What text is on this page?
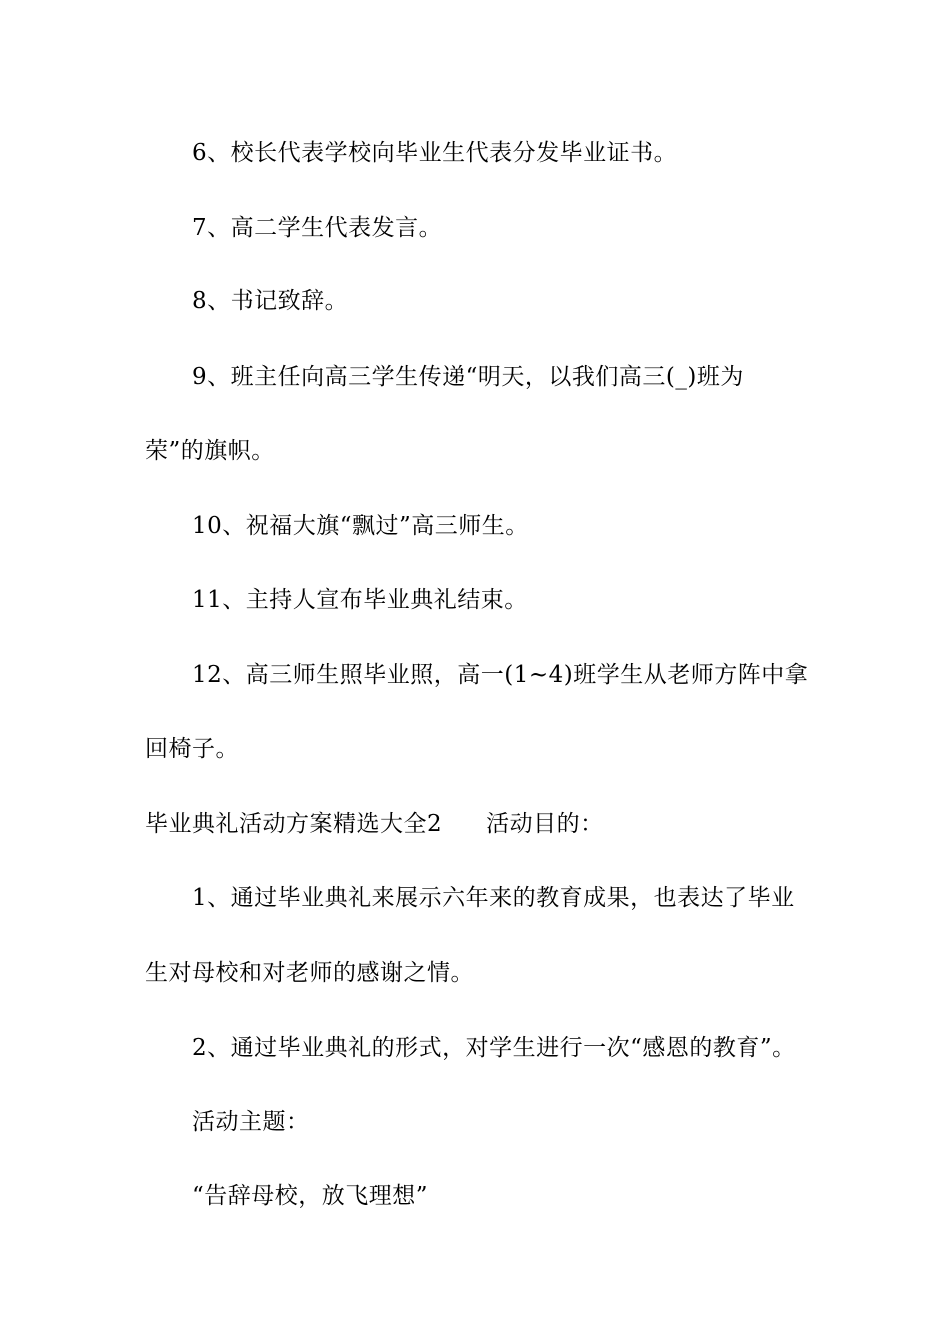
6、校长代表学校向毕业生代表分发毕业证书。
7、高二学生代表发言。
8、书记致辞。
9、班主任向高三学生传递“明天，以我们高三(_)班为
荣”的旗帜。
10、祝福大旗“飘过”高三师生。
11、主持人宣布毕业典礼结束。
12、高三师生照毕业照，高一(1~4)班学生从老师方阵中拿
回椅子。
毕业典礼活动方案精选大全2 活动目的：
1、通过毕业典礼来展示六年来的教育成果，也表达了毕业
生对母校和对老师的感谢之情。
2、通过毕业典礼的形式，对学生进行一次“感恩的教育”。
活动主题：
“告辞母校，放飞理想”
